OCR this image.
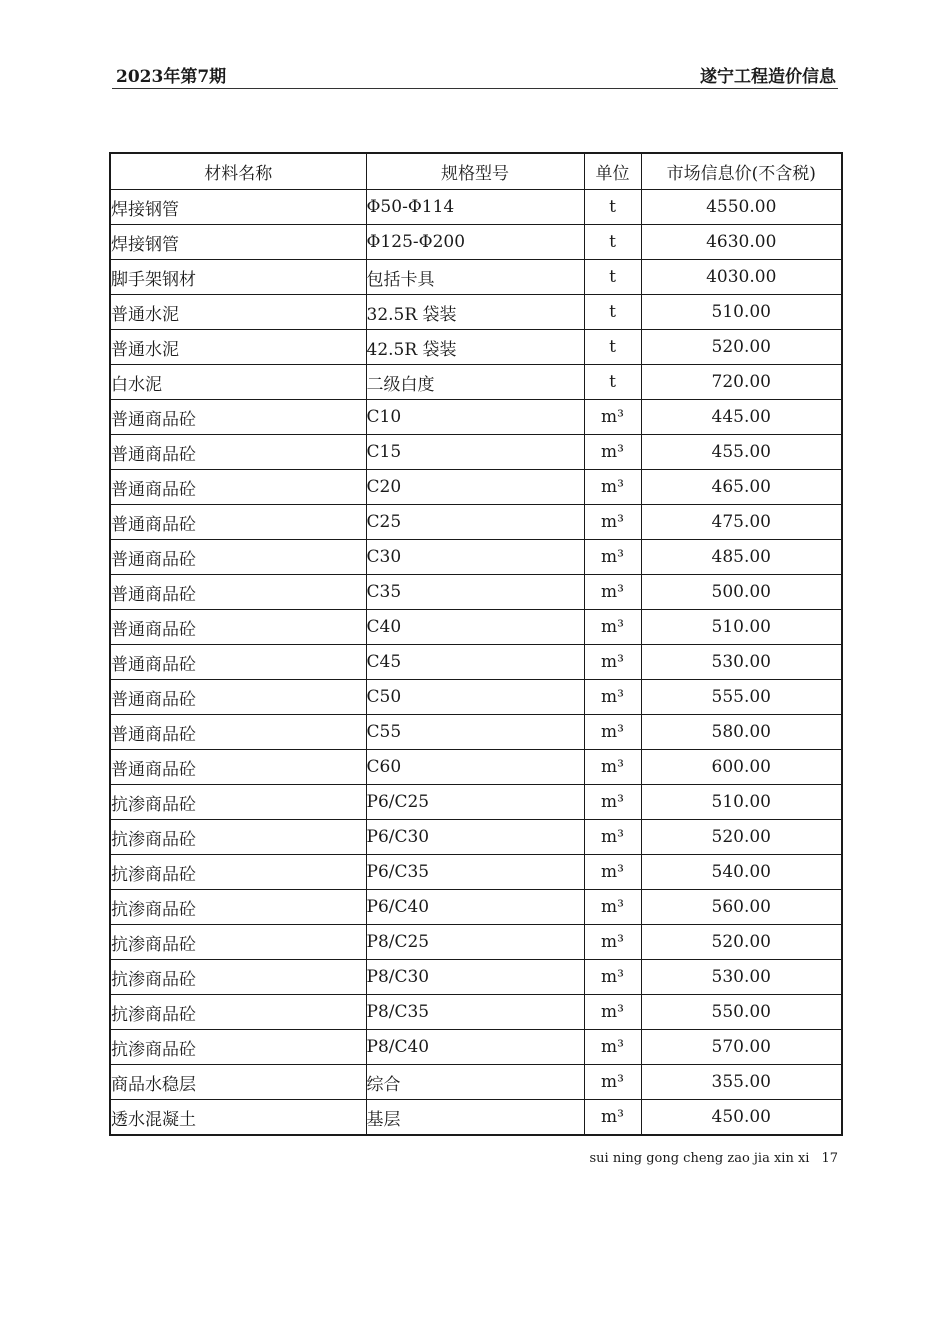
2023年第7期	遂宁工程造价信息
材料名称	规格型号	单位	市场信息价(不含税)
焊接钢管	Φ50-Φ114	t	4550.00
焊接钢管	Φ125-Φ200	t	4630.00
脚手架钢材	包括卡具	t	4030.00
普通水泥	32.5R 袋装	t	510.00
普通水泥	42.5R 袋装	t	520.00
白水泥	二级白度	t	720.00
普通商品砼	C10	m³	445.00
普通商品砼	C15	m³	455.00
普通商品砼	C20	m³	465.00
普通商品砼	C25	m³	475.00
普通商品砼	C30	m³	485.00
普通商品砼	C35	m³	500.00
普通商品砼	C40	m³	510.00
普通商品砼	C45	m³	530.00
普通商品砼	C50	m³	555.00
普通商品砼	C55	m³	580.00
普通商品砼	C60	m³	600.00
抗渗商品砼	P6/C25	m³	510.00
抗渗商品砼	P6/C30	m³	520.00
抗渗商品砼	P6/C35	m³	540.00
抗渗商品砼	P6/C40	m³	560.00
抗渗商品砼	P8/C25	m³	520.00
抗渗商品砼	P8/C30	m³	530.00
抗渗商品砼	P8/C35	m³	550.00
抗渗商品砼	P8/C40	m³	570.00
商品水稳层	综合	m³	355.00
透水混凝土	基层	m³	450.00
sui ning gong cheng zao jia xin xi 17
